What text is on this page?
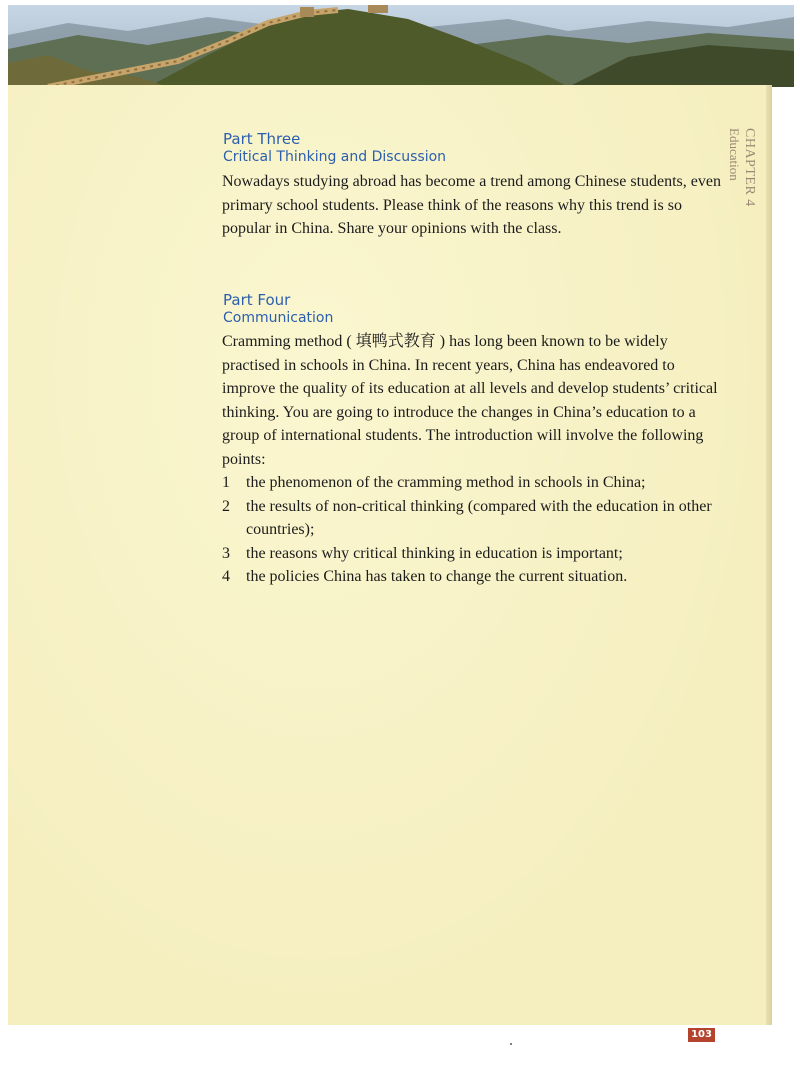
CHAPTER 4
Education
Part Three
Critical Thinking and Discussion

Nowadays studying abroad has become a trend among Chinese students, even primary school students. Please think of the reasons why this trend is so popular in China. Share your opinions with the class.

Part Four
Communication

Cramming method ( 填鸭式教育 ) has long been known to be widely practised in schools in China. In recent years, China has endeavored to improve the quality of its education at all levels and develop students’ critical thinking. You are going to introduce the changes in China’s education to a group of international students. The introduction will involve the following points:

1 the phenomenon of the cramming method in schools in China;
2 the results of non-critical thinking (compared with the education in other countries);
3 the reasons why critical thinking in education is important;
4 the policies China has taken to change the current situation.
103
